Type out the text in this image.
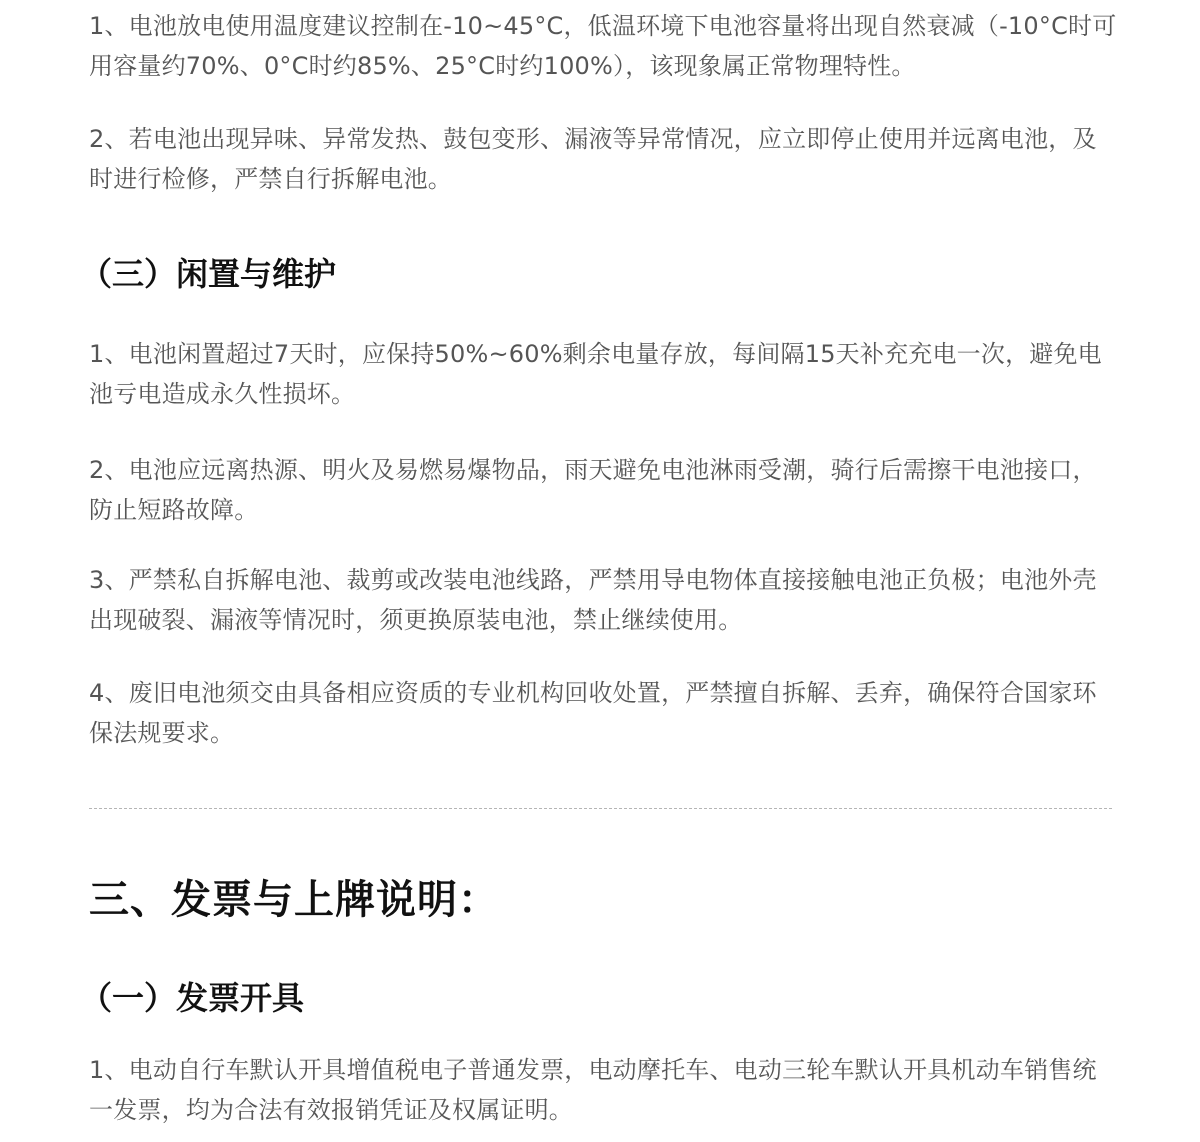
1、电池放电使用温度建议控制在-10~45°C，低温环境下电池容量将出现自然衰减（-10°C时可用容量约70%、0°C时约85%、25°C时约100%），该现象属正常物理特性。

2、若电池出现异味、异常发热、鼓包变形、漏液等异常情况，应立即停止使用并远离电池，及时进行检修，严禁自行拆解电池。

（三）闲置与维护

1、电池闲置超过7天时，应保持50%~60%剩余电量存放，每间隔15天补充充电一次，避免电池亏电造成永久性损坏。

2、电池应远离热源、明火及易燃易爆物品，雨天避免电池淋雨受潮，骑行后需擦干电池接口，防止短路故障。

3、严禁私自拆解电池、裁剪或改装电池线路，严禁用导电物体直接接触电池正负极；电池外壳出现破裂、漏液等情况时，须更换原装电池，禁止继续使用。

4、废旧电池须交由具备相应资质的专业机构回收处置，严禁擅自拆解、丢弃，确保符合国家环保法规要求。

三、发票与上牌说明：
（一）发票开具

1、电动自行车默认开具增值税电子普通发票，电动摩托车、电动三轮车默认开具机动车销售统一发票，均为合法有效报销凭证及权属证明。
